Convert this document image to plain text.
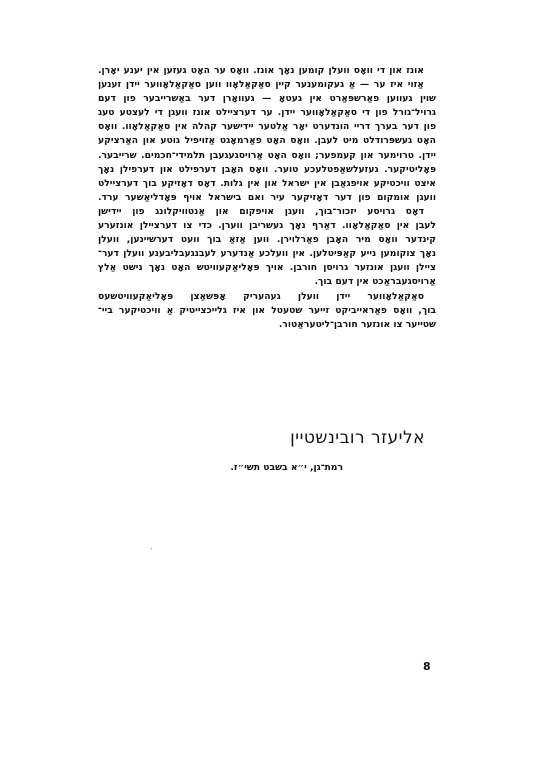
אונז און די וואָס וועלן קומען נאָך אונז. וואָס ער האָט געזען אין יענע יאָרן.
אַזוי איז ער — אַ געקומענער קיין סאַקאַלאָוו ווען סאַקאַלאָווער יידן זענען
שוין געווען פאַרשפּאַרט אין געטאָ — געוואָרן דער באַשרייבער פון דעם
גרויל־גורל פון די סאַקאַלאָווער יידן. ער דערציילט אונז וועגן די לעצטע טעג
פון דער בערך דריי הונדערט יאָר אַלטער יידישער קהלה אין סאַקאַלאָוו. וואָס
האָט געשפּרודלט מיט לעבן. וואָס האָט פאַרמאָגט אַזויפיל גוטע און האַרציקע
יידן. טרוימער און קעמפער; וואָס האָט אַרויסגעגעבן תלמידי־חכמים. שרייבער.
פּאָליטיקער. געזעלשאַפטלעכע טוער. וואָס האָבן דערפילט און דערפילן נאָך
איצט וויכטיקע אויפגאַבן אין ישראל און אין גלות. דאָס דאָזיקע בוך דערציילט
וועגן אומקום פון דער דאָזיקער עיר ואם בישראל אויף פּאָדליאַשער ערד.
דאָס גרויסע יזכור־בוך, וועגן אויפקום און אַנטוויקלונג פון יידישן
לעבן אין סאַקאַלאָוו. דאַרף נאָך געשריבן ווערן. כדי צו דערציילן אונזערע
קינדער וואָס מיר האָבן פאַרלוירן. ווען אַזאַ בוך וועט דערשיינען, וועלן
נאָך צוקומען נייע קאַפּיטלען. אין וועלכע אַנדערע לעבנגעבליבענע וועלן דער־
ציילן וועגן אונזער גרויסן חורבן. אויך פּאָליאַקעוויטש האָט נאָך נישט אַלץ
אַרויסגעבראַכט אין דעם בוך.
סאַקאַלאָווער יידן וועלן געהעריק אָפּשאַצן פּאָליאַקעוויטשעס
בוך, וואָס פאַראייביקט זייער שטעטל און איז גלייכצייטיק אַ וויכטיקער ביי־
שטייער צו אונזער חורבן־ליטעראַטור.
אליעזר רובינשטיין
רמת־גן, י״א בשבט תשי״ז.
8
